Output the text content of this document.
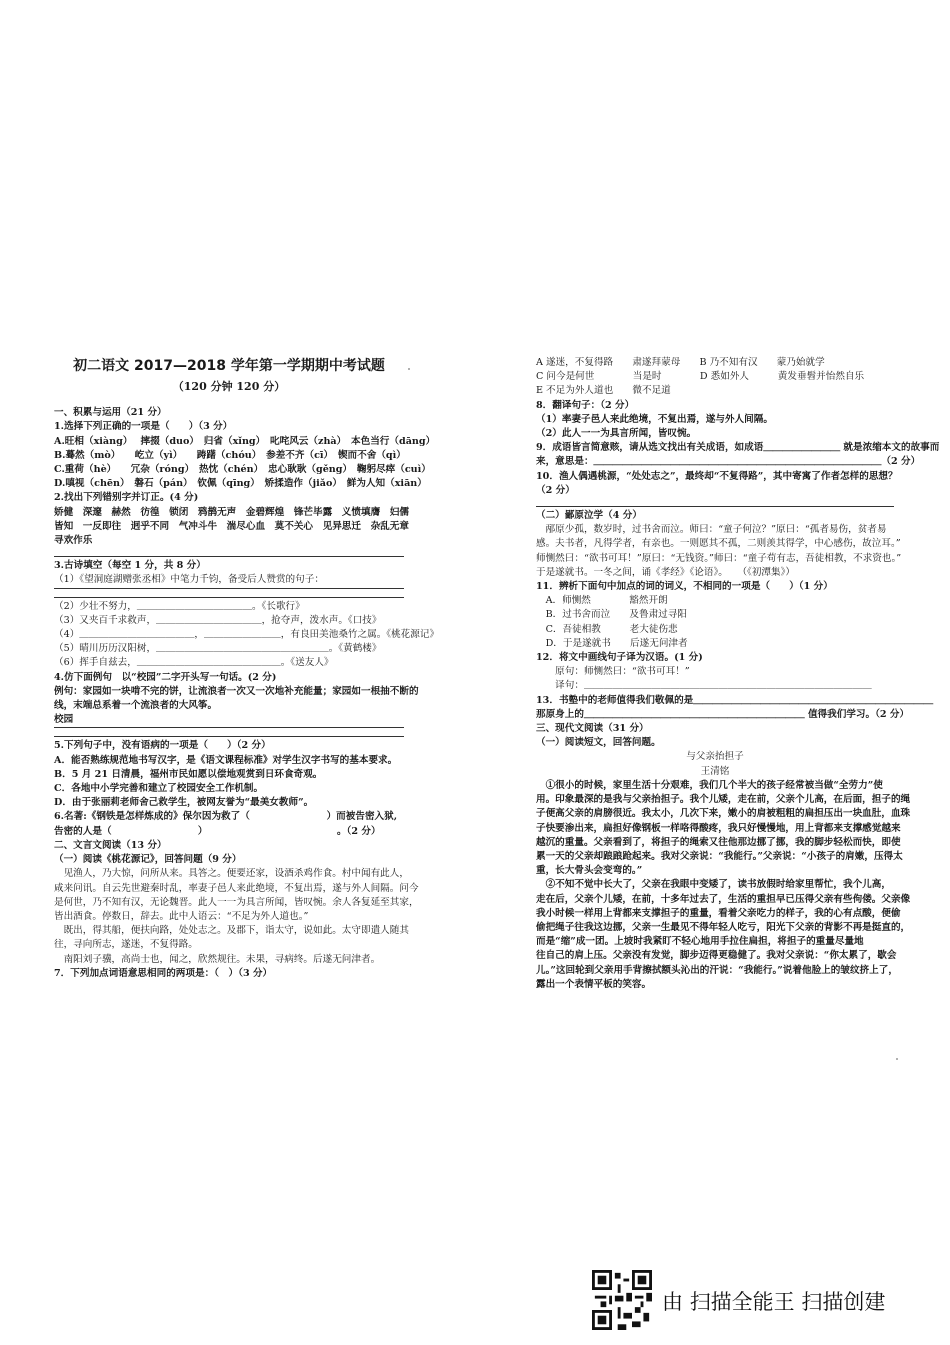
初二语文 2017—2018 学年第一学期期中考试题
（120 分钟 120 分）
一、积累与运用（21 分）
1.选择下列正确的一项是（　　）（3 分）
A.旺相（xiàng）　 摔掇（duo）　归省（xǐng）　叱咤风云（zhà）　本色当行（dāng）
B.蓦然（mò）　　屹立（yì）　　踌躇（chóu）　参差不齐（cī）　锲而不舍（qì）
C.重荷（hè）　　冗杂（róng）　热忱（chén）　忠心耿耿（gěng）　鞠躬尽瘁（cuì）
D.嗔视（chēn）　磐石（pán）　钦佩（qīng）　矫揉造作（jiǎo）　鲜为人知（xiān）
2.找出下列错别字并订正。(4 分)
娇健　深邃　赫然　彷徨　锁闭　鸦鹊无声　金碧辉煌　锋芒毕露　义愤填膺　妇儒
皆知　一反即往　迥乎不同　气冲斗牛　湍尽心血　莫不关心　见异思迁　杂乱无章
寻欢作乐
3.古诗填空（每空 1 分，共 8 分）
（1）《望洞庭湖赠张丞相》中笔力千钧，备受后人赞赏的句子：
（2）少壮不努力，＿＿＿＿＿＿＿＿＿＿＿＿。《长歌行》
（3）又夹百千求救声，＿＿＿＿＿＿＿＿＿＿＿，抢夺声，泼水声。《口技》
（4）＿＿＿＿＿＿＿＿＿＿＿＿，＿＿＿＿＿＿＿＿，有良田美池桑竹之属。《桃花源记》
（5）晴川历历汉阳树，＿＿＿＿＿＿＿＿＿＿＿＿＿＿＿＿＿＿。《黄鹤楼》
（6）挥手自兹去，＿＿＿＿＿＿＿＿＿＿＿＿＿＿＿。《送友人》
4.仿下面例句　以“校园”二字开头写一句话。(2 分)
例句：家园如一块啃不完的饼，让流浪者一次又一次地补充能量；家园如一根抽不断的
线，末端总系着一个流浪者的大风筝。
校园
5.下列句子中，没有语病的一项是（　　）（2 分）
A．能否熟练规范地书写汉字，是《语文课程标准》对学生汉字书写的基本要求。
B．5 月 21 日清晨，福州市民如愿以偿地观赏到日环食奇观。
C．各地中小学完善和建立了校园安全工作机制。
D．由于张丽莉老师舍己救学生，被网友誉为“最美女教师”。
6.名著:《钢铁是怎样炼成的》保尔因为救了（　　　　　　　　）而被告密入狱,
告密的人是（　　　　　　　　　）　　　　　　　　　　　　　　。（2 分）
二、文言文阅读（13 分）
（一）阅读《桃花源记》，回答问题（9 分）
　见渔人，乃大惊，问所从来。具答之。便要还家，设酒杀鸡作食。村中闻有此人，
咸来问讯。自云先世避秦时乱，率妻子邑人来此绝境，不复出焉，遂与外人间隔。问今
是何世，乃不知有汉，无论魏晋。此人一一为具言所闻，皆叹惋。余人各复延至其家，
皆出酒食。停数日，辞去。此中人语云：“不足为外人道也。”
　既出，得其船，便扶向路，处处志之。及郡下，诣太守，说如此。太守即遣人随其
往，寻向所志，遂迷，不复得路。
　南阳刘子骥，高尚士也，闻之，欣然规往。未果，寻病终。后遂无问津者。
7．下列加点词语意思相同的两项是：（　）（3 分）
A 遂迷，不复得路　　肃遂拜蒙母　　B 乃不知有汉　　蒙乃始就学
C 问今是何世　　　　当是时　　　　D 悉如外人　　　黄发垂髫并怡然自乐
E 不足为外人道也　　微不足道
8．翻译句子：（2 分）
（1）率妻子邑人来此绝境，不复出焉，遂与外人间隔。
（2）此人一一为具言所闻，皆叹惋。
9．成语皆言简意赅，请从选文找出有关成语，如成语＿＿＿＿＿＿＿＿ 就是浓缩本文的故事而
来，意思是：＿＿＿＿＿＿＿＿＿＿＿＿＿＿＿＿＿＿＿＿＿＿＿＿＿＿＿＿＿＿（2 分）
10．渔人偶遇桃源，“处处志之”，最终却“不复得路”，其中寄寓了作者怎样的思想？
（2 分）
（二）鄙原泣学（4 分）
　邴原少孤，数岁时，过书舍而泣。师曰：“童子何泣？”原曰：“孤者易伤，贫者易
感。夫书者，凡得学者，有亲也。一则愿其不孤，二则羡其得学，中心感伤，故泣耳。”
师恻然曰：“欲书可耳！”原曰：“无钱资。”师曰：“童子苟有志，吾徒相教，不求资也。”
于是遂就书。一冬之间，诵《孝经》《论语》。　　（《初潭集》）
11．辨析下面句中加点的词的词义，不相同的一项是（　　）（1 分）
　A．师恻然　　　　豁然开朗
　B．过书舍而泣　　及鲁肃过寻阳
　C．吾徒相教　　　老大徒伤悲
　D．于是遂就书　　后遂无问津者
12．将文中画线句子译为汉语。(1 分)
　　原句：师恻然曰：“欲书可耳！”
　　译句：＿＿＿＿＿＿＿＿＿＿＿＿＿＿＿＿＿＿＿＿＿＿＿＿＿＿＿＿＿＿
13．书塾中的老师值得我们敬佩的是＿＿＿＿＿＿＿＿＿＿＿＿＿＿＿＿＿＿＿＿＿＿＿＿＿
那原身上的＿＿＿＿＿＿＿＿＿＿＿＿＿＿＿＿＿＿＿＿＿＿＿ 值得我们学习。（2 分）
三、现代文阅读（31 分）
（一）阅读短文，回答问题。
与父亲抬担子
王清铭
　①很小的时候，家里生活十分艰难，我们几个半大的孩子经常被当做“全劳力”使
用。印象最深的是我与父亲抬担子。我个儿矮，走在前，父亲个儿高，在后面，担子的绳
子便高父亲的肩膀很近。我太小，几次下来，嫩小的肩被粗粗的扁担压出一块血肚，血珠
子快要渗出来，扁担好像钢板一样咯得酸疼，我只好慢慢地，用上背都来支撑感觉越来
越沉的重量。父亲看到了，将担子的绳索又往他那边挪了挪，我的脚步轻松而快，即使
累一天的父亲却踉踉跄起来。我对父亲说：“我能行。”父亲说：“小孩子的肩嫩，压得太
重，长大骨头会变弯的。”
　②不知不觉中长大了，父亲在我眼中变矮了，读书放假时给家里帮忙，我个儿高，
走在后，父亲个儿矮，在前，十多年过去了，生活的重担早已压得父亲有些佝偻。父亲像
我小时候一样用上背都来支撑担子的重量，看着父亲吃力的样子，我的心有点酸，便偷
偷把绳子往我这边挪，父亲一生最见不得年轻人吃亏，阳光下父亲的背影不再是挺直的，
而是“缩”成一团。上坡时我紧盯不轻心地用手拉住扁担，将担子的重量尽量地
往自己的肩上压。父亲没有发觉，脚步迈得更稳健了。我对父亲说：“你太累了，歇会
儿。”这回轮到父亲用手背擦拭额头沁出的汗说：“我能行。”说着他脸上的皱纹挤上了，
露出一个表情平板的笑容。
由 扫描全能王 扫描创建
